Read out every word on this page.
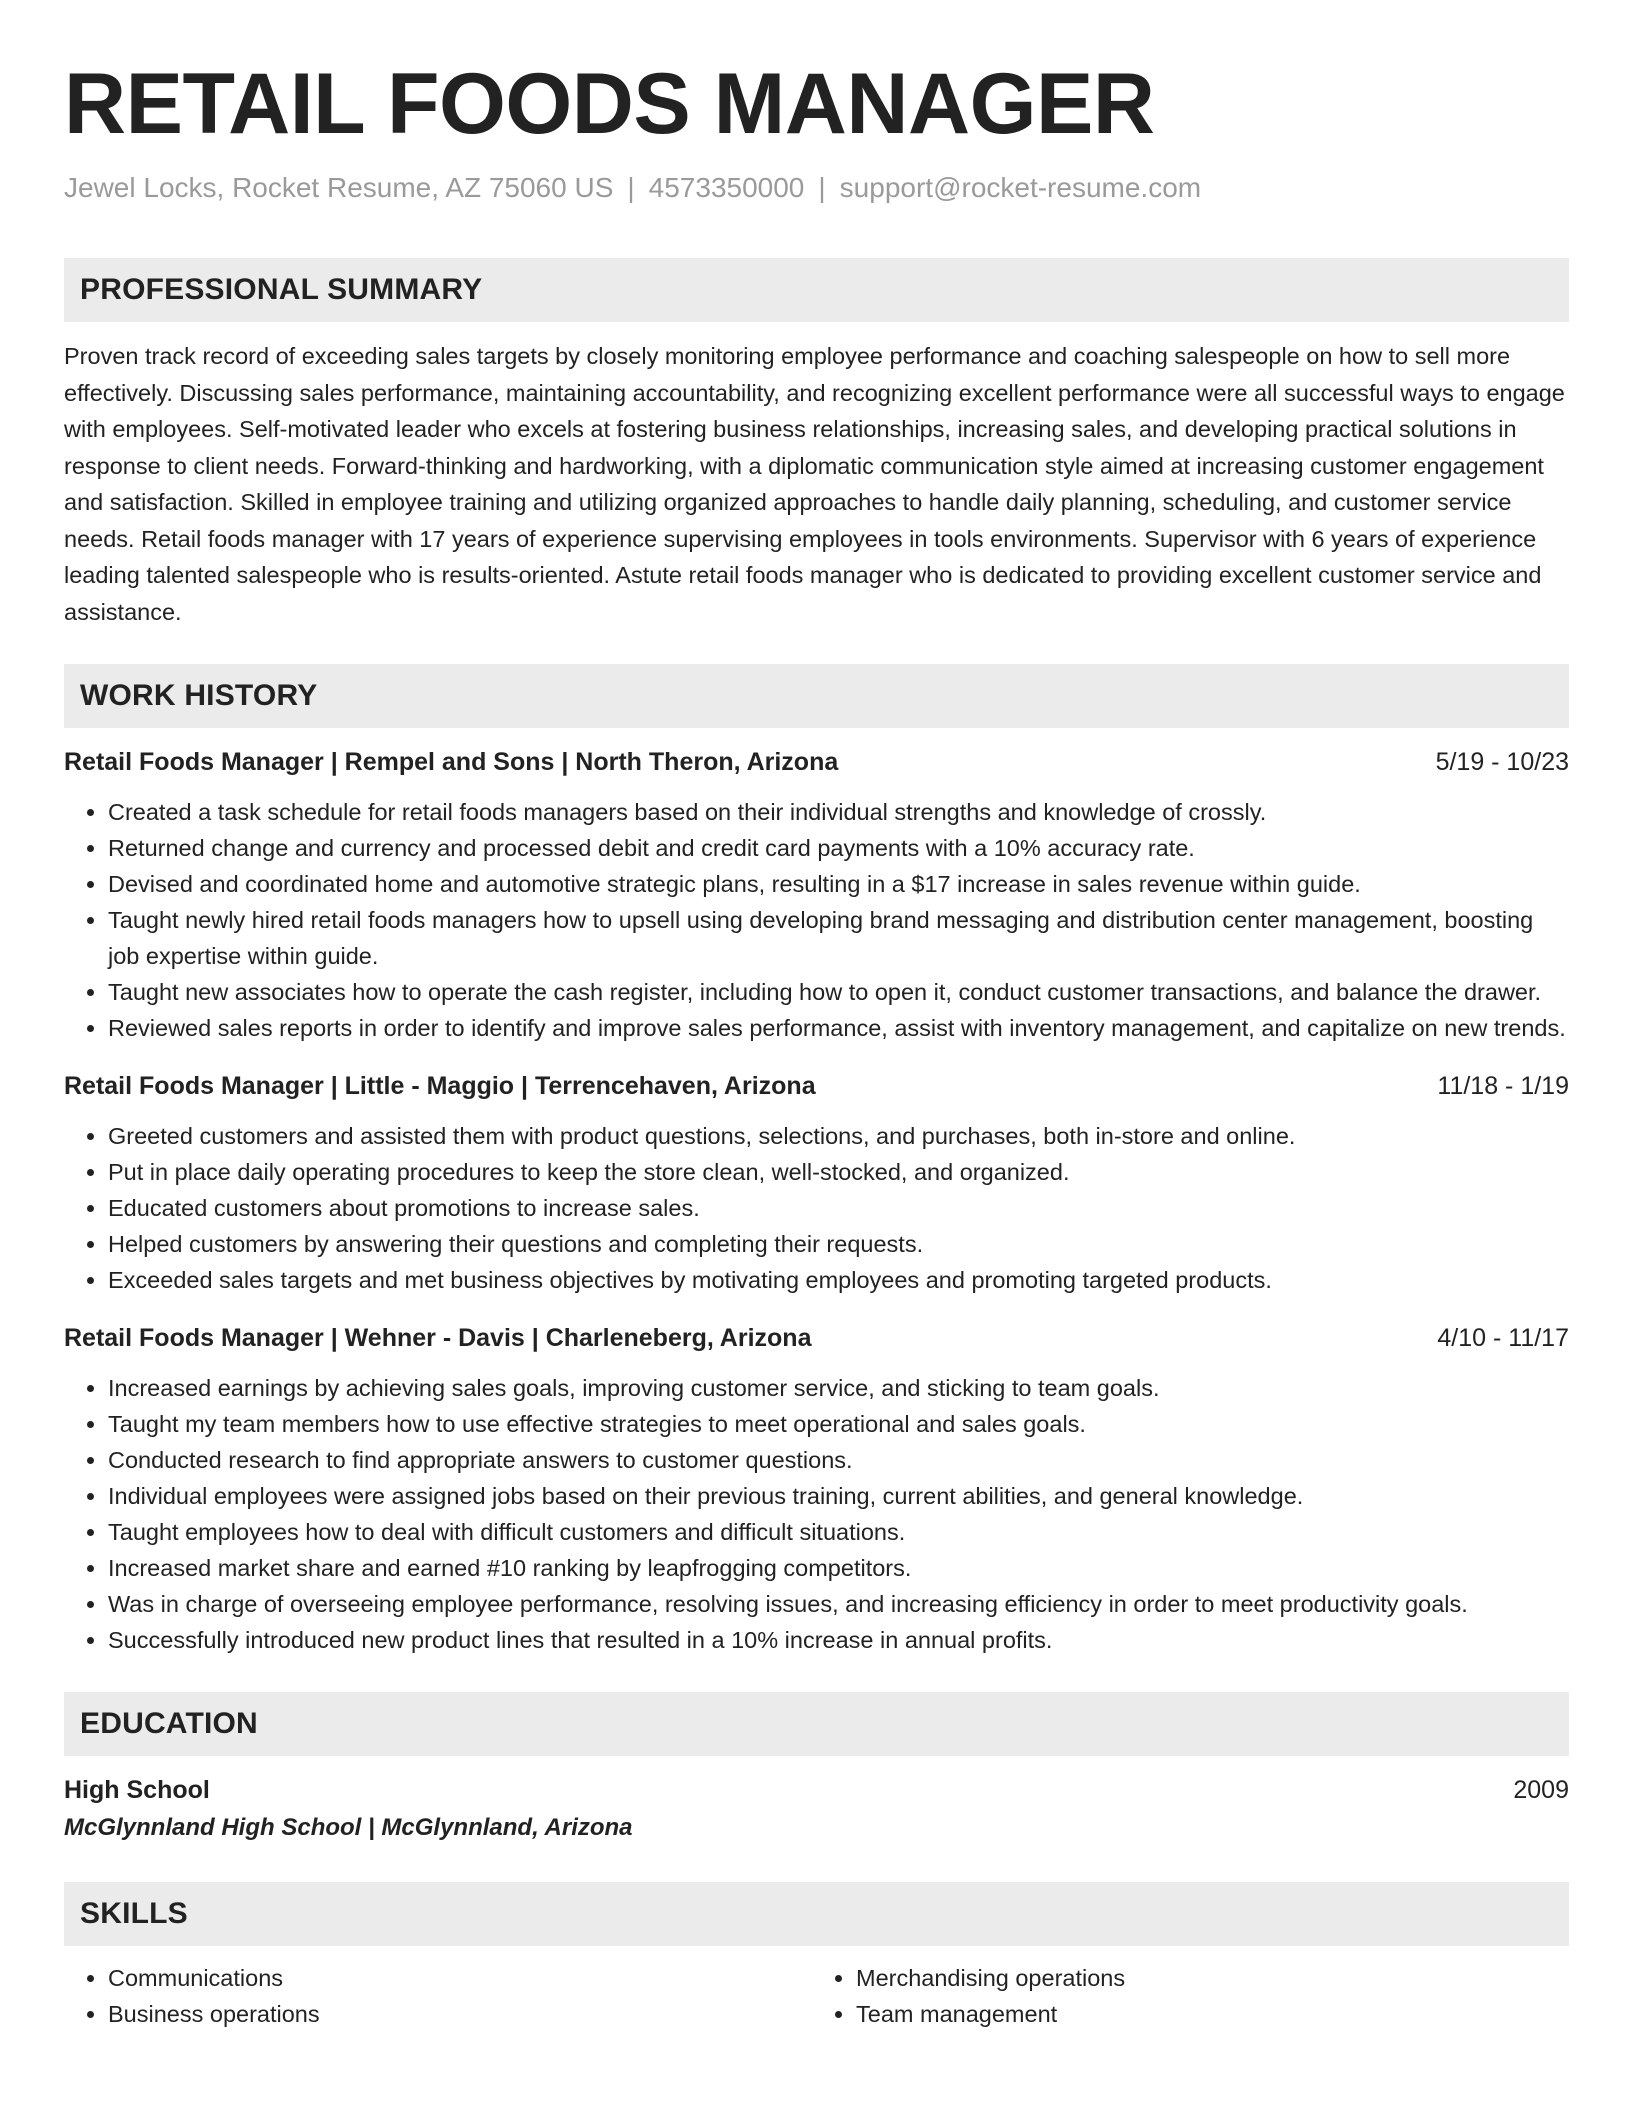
RETAIL FOODS MANAGER
Jewel Locks, Rocket Resume, AZ 75060 US | 4573350000 | support@rocket-resume.com
PROFESSIONAL SUMMARY
Proven track record of exceeding sales targets by closely monitoring employee performance and coaching salespeople on how to sell more effectively. Discussing sales performance, maintaining accountability, and recognizing excellent performance were all successful ways to engage with employees. Self-motivated leader who excels at fostering business relationships, increasing sales, and developing practical solutions in response to client needs. Forward-thinking and hardworking, with a diplomatic communication style aimed at increasing customer engagement and satisfaction. Skilled in employee training and utilizing organized approaches to handle daily planning, scheduling, and customer service needs. Retail foods manager with 17 years of experience supervising employees in tools environments. Supervisor with 6 years of experience leading talented salespeople who is results-oriented. Astute retail foods manager who is dedicated to providing excellent customer service and assistance.
WORK HISTORY
Retail Foods Manager | Rempel and Sons | North Theron, Arizona	5/19 - 10/23
• Created a task schedule for retail foods managers based on their individual strengths and knowledge of crossly.
• Returned change and currency and processed debit and credit card payments with a 10% accuracy rate.
• Devised and coordinated home and automotive strategic plans, resulting in a $17 increase in sales revenue within guide.
• Taught newly hired retail foods managers how to upsell using developing brand messaging and distribution center management, boosting job expertise within guide.
• Taught new associates how to operate the cash register, including how to open it, conduct customer transactions, and balance the drawer.
• Reviewed sales reports in order to identify and improve sales performance, assist with inventory management, and capitalize on new trends.
Retail Foods Manager | Little - Maggio | Terrencehaven, Arizona	11/18 - 1/19
• Greeted customers and assisted them with product questions, selections, and purchases, both in-store and online.
• Put in place daily operating procedures to keep the store clean, well-stocked, and organized.
• Educated customers about promotions to increase sales.
• Helped customers by answering their questions and completing their requests.
• Exceeded sales targets and met business objectives by motivating employees and promoting targeted products.
Retail Foods Manager | Wehner - Davis | Charleneberg, Arizona	4/10 - 11/17
• Increased earnings by achieving sales goals, improving customer service, and sticking to team goals.
• Taught my team members how to use effective strategies to meet operational and sales goals.
• Conducted research to find appropriate answers to customer questions.
• Individual employees were assigned jobs based on their previous training, current abilities, and general knowledge.
• Taught employees how to deal with difficult customers and difficult situations.
• Increased market share and earned #10 ranking by leapfrogging competitors.
• Was in charge of overseeing employee performance, resolving issues, and increasing efficiency in order to meet productivity goals.
• Successfully introduced new product lines that resulted in a 10% increase in annual profits.
EDUCATION
High School	2009
McGlynnland High School | McGlynnland, Arizona
SKILLS
• Communications
• Business operations
• Merchandising operations
• Team management
